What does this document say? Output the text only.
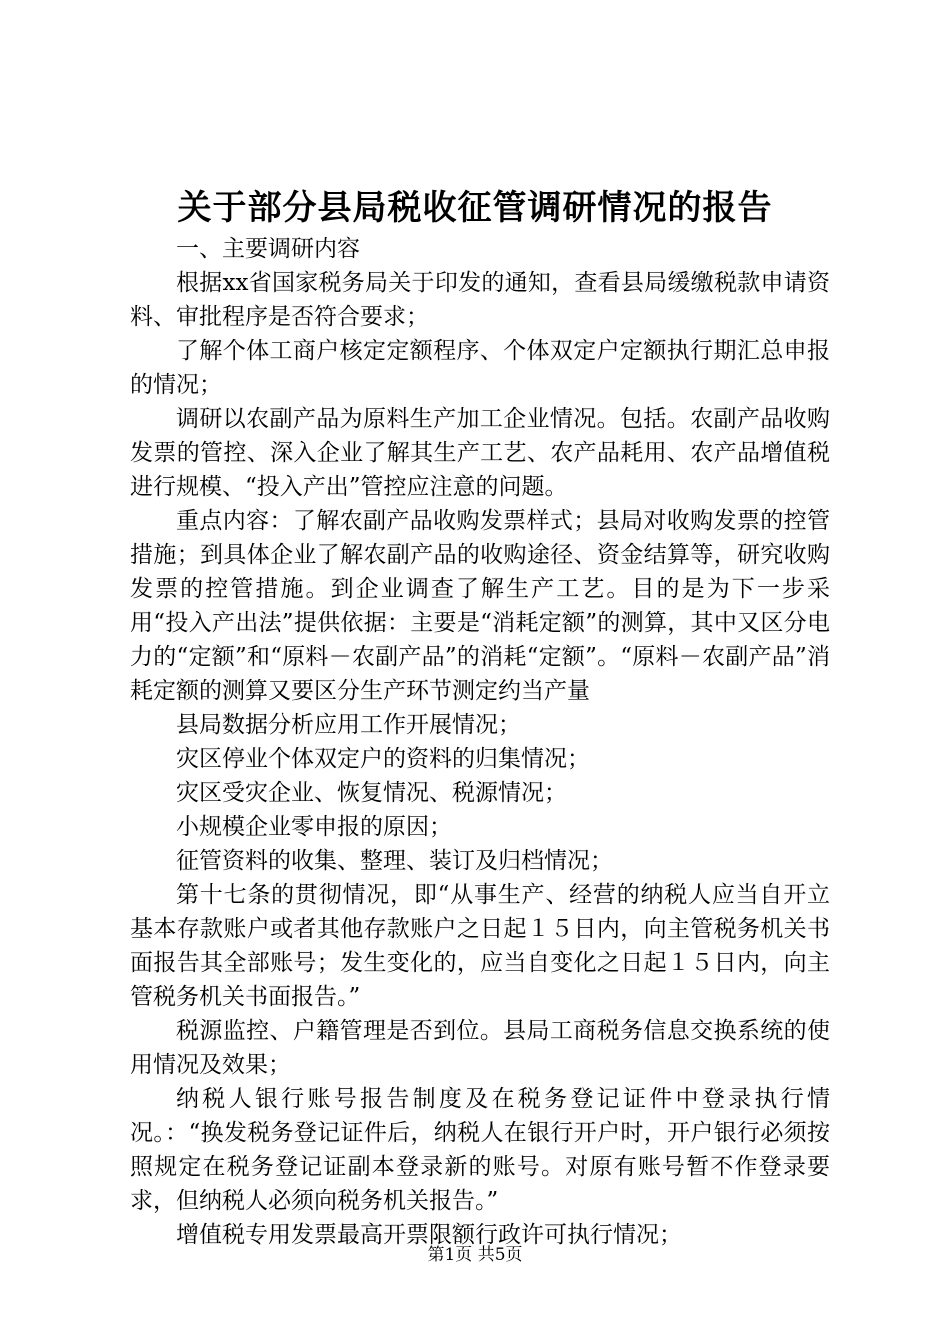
关于部分县局税收征管调研情况的报告

一、主要调研内容

根据xx省国家税务局关于印发的通知，查看县局缓缴税款申请资料、审批程序是否符合要求；

了解个体工商户核定定额程序、个体双定户定额执行期汇总申报的情况；

调研以农副产品为原料生产加工企业情况。包括。农副产品收购发票的管控、深入企业了解其生产工艺、农产品耗用、农产品增值税进行规模、“投入产出”管控应注意的问题。

重点内容：了解农副产品收购发票样式；县局对收购发票的控管措施；到具体企业了解农副产品的收购途径、资金结算等，研究收购发票的控管措施。到企业调查了解生产工艺。目的是为下一步采用“投入产出法”提供依据：主要是“消耗定额”的测算，其中又区分电力的“定额”和“原料－农副产品”的消耗“定额”。“原料－农副产品”消耗定额的测算又要区分生产环节测定约当产量

县局数据分析应用工作开展情况；

灾区停业个体双定户的资料的归集情况；

灾区受灾企业、恢复情况、税源情况；

小规模企业零申报的原因；

征管资料的收集、整理、装订及归档情况；

第十七条的贯彻情况，即“从事生产、经营的纳税人应当自开立基本存款账户或者其他存款账户之日起１５日内，向主管税务机关书面报告其全部账号；发生变化的，应当自变化之日起１５日内，向主管税务机关书面报告。”

税源监控、户籍管理是否到位。县局工商税务信息交换系统的使用情况及效果；

纳税人银行账号报告制度及在税务登记证件中登录执行情况。：“换发税务登记证件后，纳税人在银行开户时，开户银行必须按照规定在税务登记证副本登录新的账号。对原有账号暂不作登录要求，但纳税人必须向税务机关报告。”

增值税专用发票最高开票限额行政许可执行情况；

第1页 共5页
